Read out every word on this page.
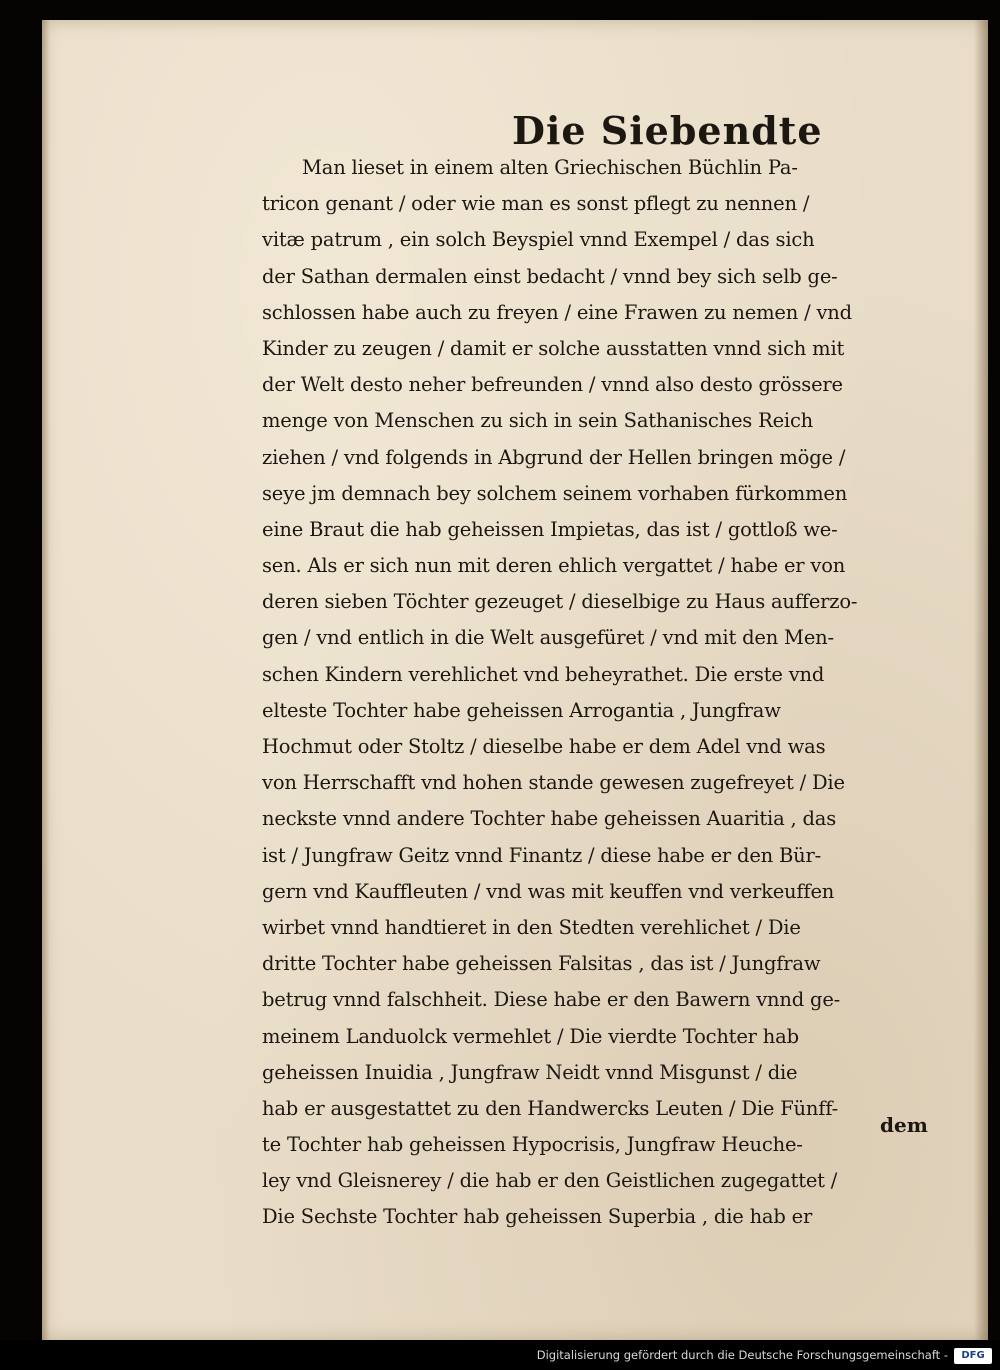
Die Siebendte
Man lieset in einem alten Griechischen Büchlin Pa-
tricon genant / oder wie man es sonst pflegt zu nennen /
vitæ patrum , ein solch Beyspiel vnnd Exempel / das sich
der Sathan dermalen einst bedacht / vnnd bey sich selb ge-
schlossen habe auch zu freyen / eine Frawen zu nemen / vnd
Kinder zu zeugen / damit er solche ausstatten vnnd sich mit
der Welt desto neher befreunden / vnnd also desto grössere
menge von Menschen zu sich in sein Sathanisches Reich
ziehen / vnd folgends in Abgrund der Hellen bringen möge /
seye jm demnach bey solchem seinem vorhaben fürkommen
eine Braut die hab geheissen Impietas, das ist / gottloß we-
sen. Als er sich nun mit deren ehlich vergattet / habe er von
deren sieben Töchter gezeuget / dieselbige zu Haus aufferzo-
gen / vnd entlich in die Welt ausgefüret / vnd mit den Men-
schen Kindern verehlichet vnd beheyrathet. Die erste vnd
elteste Tochter habe geheissen Arrogantia , Jungfraw
Hochmut oder Stoltz / dieselbe habe er dem Adel vnd was
von Herrschafft vnd hohen stande gewesen zugefreyet / Die
neckste vnnd andere Tochter habe geheissen Auaritia , das
ist / Jungfraw Geitz vnnd Finantz / diese habe er den Bür-
gern vnd Kauffleuten / vnd was mit keuffen vnd verkeuffen
wirbet vnnd handtieret in den Stedten verehlichet / Die
dritte Tochter habe geheissen Falsitas , das ist / Jungfraw
betrug vnnd falschheit. Diese habe er den Bawern vnnd ge-
meinem Landuolck vermehlet / Die vierdte Tochter hab
geheissen Inuidia , Jungfraw Neidt vnnd Misgunst / die
hab er ausgestattet zu den Handwercks Leuten / Die Fünff-
te Tochter hab geheissen Hypocrisis, Jungfraw Heuche-
ley vnd Gleisnerey / die hab er den Geistlichen zugegattet /
Die Sechste Tochter hab geheissen Superbia , die hab er
dem
Digitalisierung gefördert durch die Deutsche Forschungsgemeinschaft -	DFG
